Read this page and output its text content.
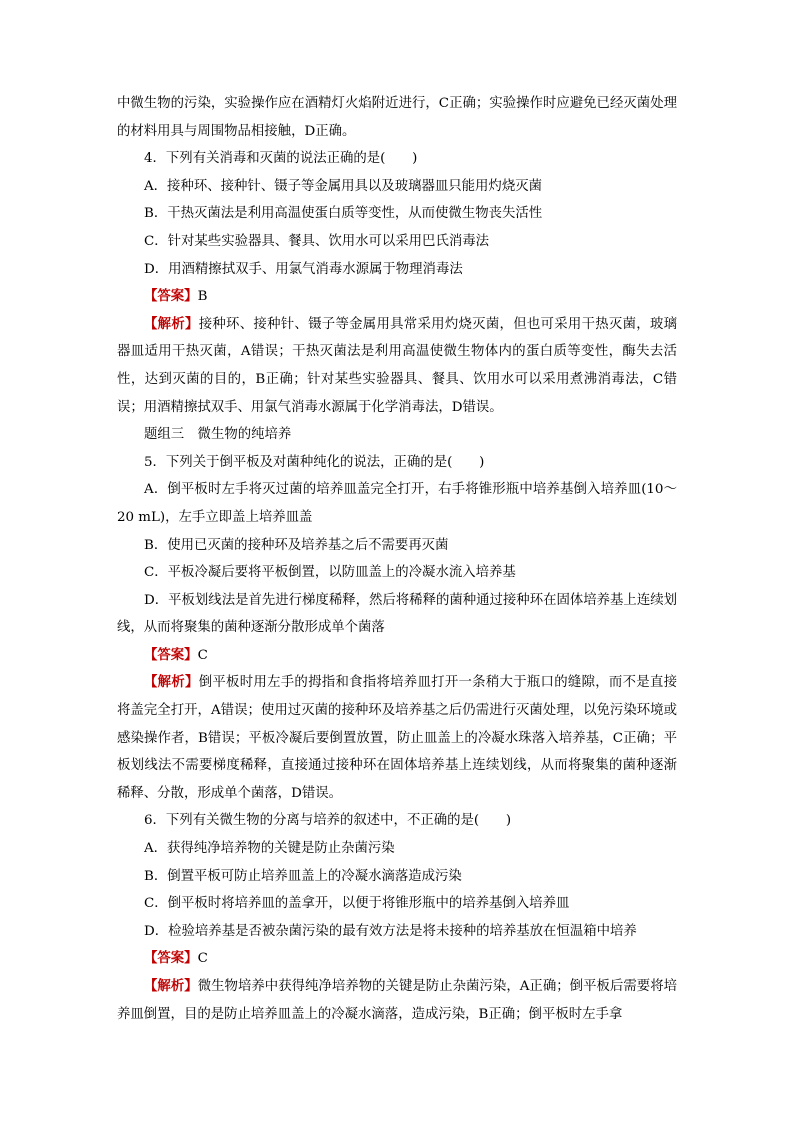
中微生物的污染，实验操作应在酒精灯火焰附近进行，C正确；实验操作时应避免已经灭菌处理的材料用具与周围物品相接触，D正确。

4．下列有关消毒和灭菌的说法正确的是(　　)

A．接种环、接种针、镊子等金属用具以及玻璃器皿只能用灼烧灭菌

B．干热灭菌法是利用高温使蛋白质等变性，从而使微生物丧失活性

C．针对某些实验器具、餐具、饮用水可以采用巴氏消毒法

D．用酒精擦拭双手、用氯气消毒水源属于物理消毒法

【答案】B

【解析】接种环、接种针、镊子等金属用具常采用灼烧灭菌，但也可采用干热灭菌，玻璃器皿适用干热灭菌，A错误；干热灭菌法是利用高温使微生物体内的蛋白质等变性，酶失去活性，达到灭菌的目的，B正确；针对某些实验器具、餐具、饮用水可以采用煮沸消毒法，C错误；用酒精擦拭双手、用氯气消毒水源属于化学消毒法，D错误。

题组三　微生物的纯培养

5．下列关于倒平板及对菌种纯化的说法，正确的是(　　)

A．倒平板时左手将灭过菌的培养皿盖完全打开，右手将锥形瓶中培养基倒入培养皿(10～20 mL)，左手立即盖上培养皿盖

B．使用已灭菌的接种环及培养基之后不需要再灭菌

C．平板冷凝后要将平板倒置，以防皿盖上的冷凝水流入培养基

D．平板划线法是首先进行梯度稀释，然后将稀释的菌种通过接种环在固体培养基上连续划线，从而将聚集的菌种逐渐分散形成单个菌落

【答案】C

【解析】倒平板时用左手的拇指和食指将培养皿打开一条稍大于瓶口的缝隙，而不是直接将盖完全打开，A错误；使用过灭菌的接种环及培养基之后仍需进行灭菌处理，以免污染环境或感染操作者，B错误；平板冷凝后要倒置放置，防止皿盖上的冷凝水珠落入培养基，C正确；平板划线法不需要梯度稀释，直接通过接种环在固体培养基上连续划线，从而将聚集的菌种逐渐稀释、分散，形成单个菌落，D错误。

6．下列有关微生物的分离与培养的叙述中，不正确的是(　　)

A．获得纯净培养物的关键是防止杂菌污染

B．倒置平板可防止培养皿盖上的冷凝水滴落造成污染

C．倒平板时将培养皿的盖拿开，以便于将锥形瓶中的培养基倒入培养皿

D．检验培养基是否被杂菌污染的最有效方法是将未接种的培养基放在恒温箱中培养

【答案】C

【解析】微生物培养中获得纯净培养物的关键是防止杂菌污染，A正确；倒平板后需要将培养皿倒置，目的是防止培养皿盖上的冷凝水滴落，造成污染，B正确；倒平板时左手拿
